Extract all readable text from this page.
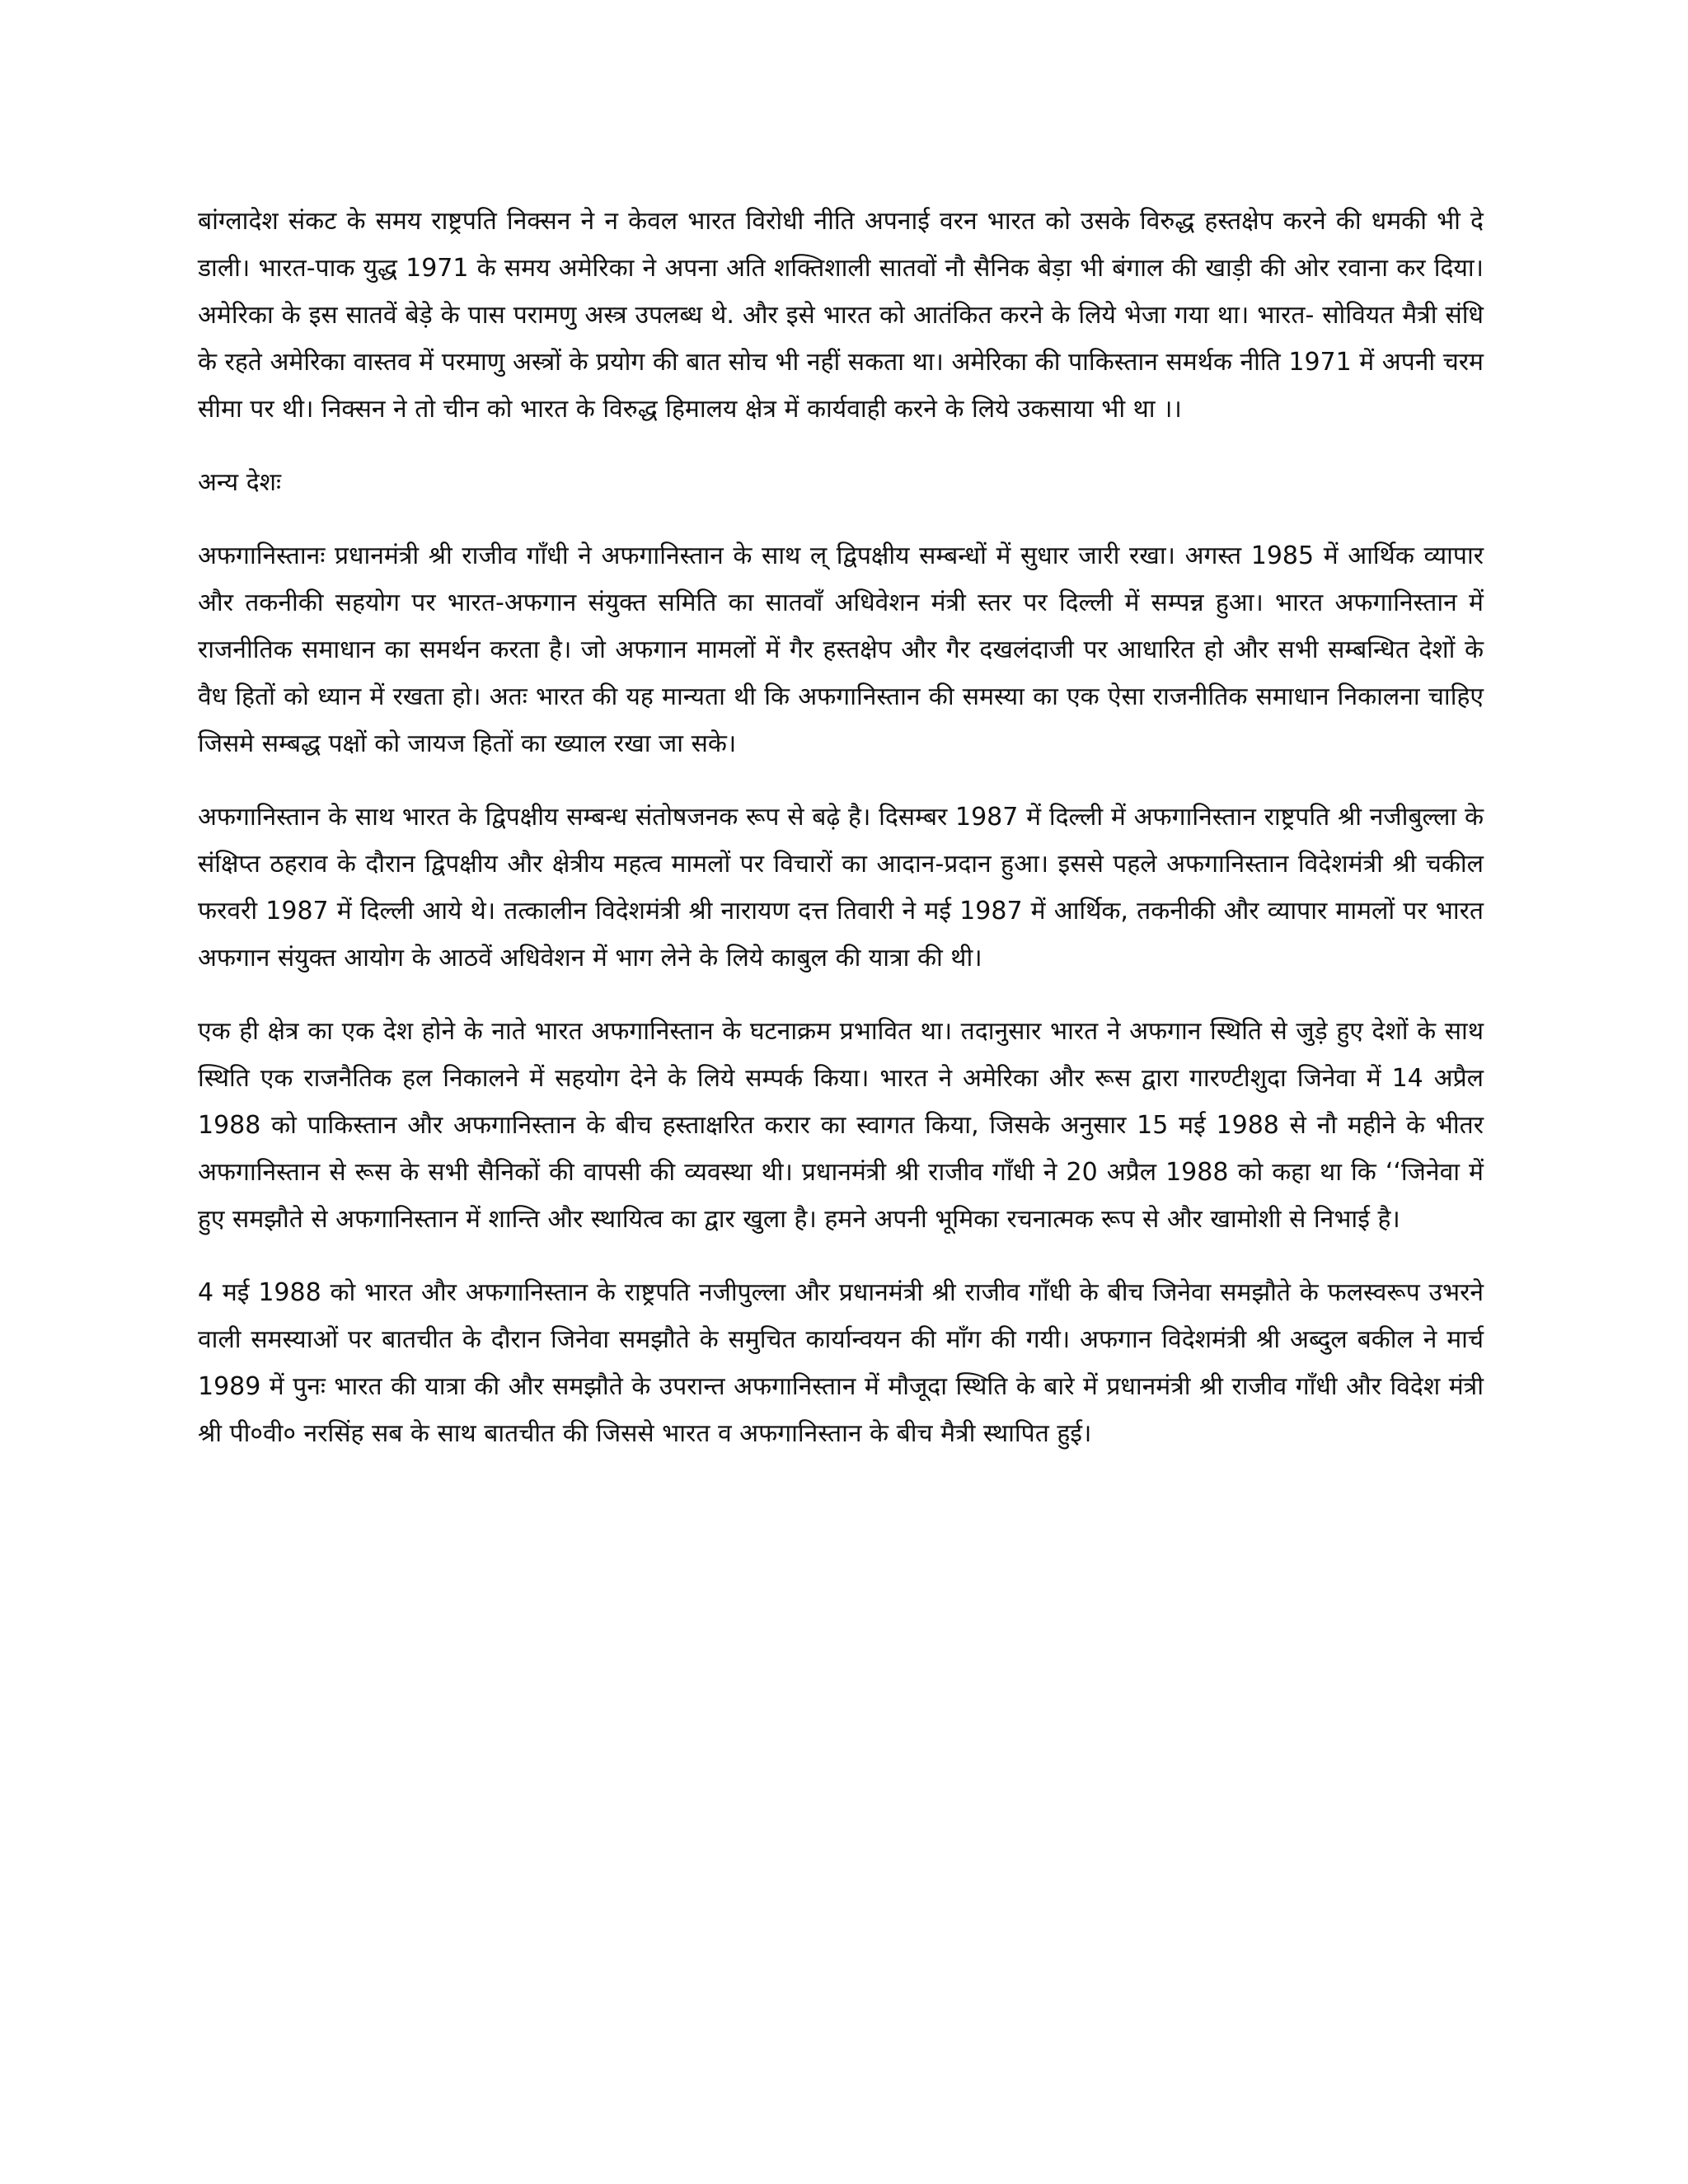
बांग्लादेश संकट के समय राष्ट्रपति निक्सन ने न केवल भारत विरोधी नीति अपनाई वरन भारत को उसके विरुद्ध हस्तक्षेप करने की धमकी भी दे डाली। भारत-पाक युद्ध 1971 के समय अमेरिका ने अपना अति शक्तिशाली सातवों नौ सैनिक बेड़ा भी बंगाल की खाड़ी की ओर रवाना कर दिया। अमेरिका के इस सातवें बेड़े के पास परामणु अस्त्र उपलब्ध थे. और इसे भारत को आतंकित करने के लिये भेजा गया था। भारत- सोवियत मैत्री संधि के रहते अमेरिका वास्तव में परमाणु अस्त्रों के प्रयोग की बात सोच भी नहीं सकता था। अमेरिका की पाकिस्तान समर्थक नीति 1971 में अपनी चरम सीमा पर थी। निक्सन ने तो चीन को भारत के विरुद्ध हिमालय क्षेत्र में कार्यवाही करने के लिये उकसाया भी था ।।

अन्य देशः

अफगानिस्तानः प्रधानमंत्री श्री राजीव गाँधी ने अफगानिस्तान के साथ ल् द्विपक्षीय सम्बन्धों में सुधार जारी रखा। अगस्त 1985 में आर्थिक व्यापार और तकनीकी सहयोग पर भारत-अफगान संयुक्त समिति का सातवाँ अधिवेशन मंत्री स्तर पर दिल्ली में सम्पन्न हुआ। भारत अफगानिस्तान में राजनीतिक समाधान का समर्थन करता है। जो अफगान मामलों में गैर हस्तक्षेप और गैर दखलंदाजी पर आधारित हो और सभी सम्बन्धित देशों के वैध हितों को ध्यान में रखता हो। अतः भारत की यह मान्यता थी कि अफगानिस्तान की समस्या का एक ऐसा राजनीतिक समाधान निकालना चाहिए जिसमे सम्बद्ध पक्षों को जायज हितों का ख्याल रखा जा सके।

अफगानिस्तान के साथ भारत के द्विपक्षीय सम्बन्ध संतोषजनक रूप से बढ़े है। दिसम्बर 1987 में दिल्ली में अफगानिस्तान राष्ट्रपति श्री नजीबुल्ला के संक्षिप्त ठहराव के दौरान द्विपक्षीय और क्षेत्रीय महत्व मामलों पर विचारों का आदान-प्रदान हुआ। इससे पहले अफगानिस्तान विदेशमंत्री श्री चकील फरवरी 1987 में दिल्ली आये थे। तत्कालीन विदेशमंत्री श्री नारायण दत्त तिवारी ने मई 1987 में आर्थिक, तकनीकी और व्यापार मामलों पर भारत अफगान संयुक्त आयोग के आठवें अधिवेशन में भाग लेने के लिये काबुल की यात्रा की थी।

एक ही क्षेत्र का एक देश होने के नाते भारत अफगानिस्तान के घटनाक्रम प्रभावित था। तदानुसार भारत ने अफगान स्थिति से जुड़े हुए देशों के साथ स्थिति एक राजनैतिक हल निकालने में सहयोग देने के लिये सम्पर्क किया। भारत ने अमेरिका और रूस द्वारा गारण्टीशुदा जिनेवा में 14 अप्रैल 1988 को पाकिस्तान और अफगानिस्तान के बीच हस्ताक्षरित करार का स्वागत किया, जिसके अनुसार 15 मई 1988 से नौ महीने के भीतर अफगानिस्तान से रूस के सभी सैनिकों की वापसी की व्यवस्था थी। प्रधानमंत्री श्री राजीव गाँधी ने 20 अप्रैल 1988 को कहा था कि ‘‘जिनेवा में हुए समझौते से अफगानिस्तान में शान्ति और स्थायित्व का द्वार खुला है। हमने अपनी भूमिका रचनात्मक रूप से और खामोशी से निभाई है।

4 मई 1988 को भारत और अफगानिस्तान के राष्ट्रपति नजीपुल्ला और प्रधानमंत्री श्री राजीव गाँधी के बीच जिनेवा समझौते के फलस्वरूप उभरने वाली समस्याओं पर बातचीत के दौरान जिनेवा समझौते के समुचित कार्यान्वयन की माँग की गयी। अफगान विदेशमंत्री श्री अब्दुल बकील ने मार्च 1989 में पुनः भारत की यात्रा की और समझौते के उपरान्त अफगानिस्तान में मौजूदा स्थिति के बारे में प्रधानमंत्री श्री राजीव गाँधी और विदेश मंत्री श्री पी०वी० नरसिंह सब के साथ बातचीत की जिससे भारत व अफगानिस्तान के बीच मैत्री स्थापित हुई।
